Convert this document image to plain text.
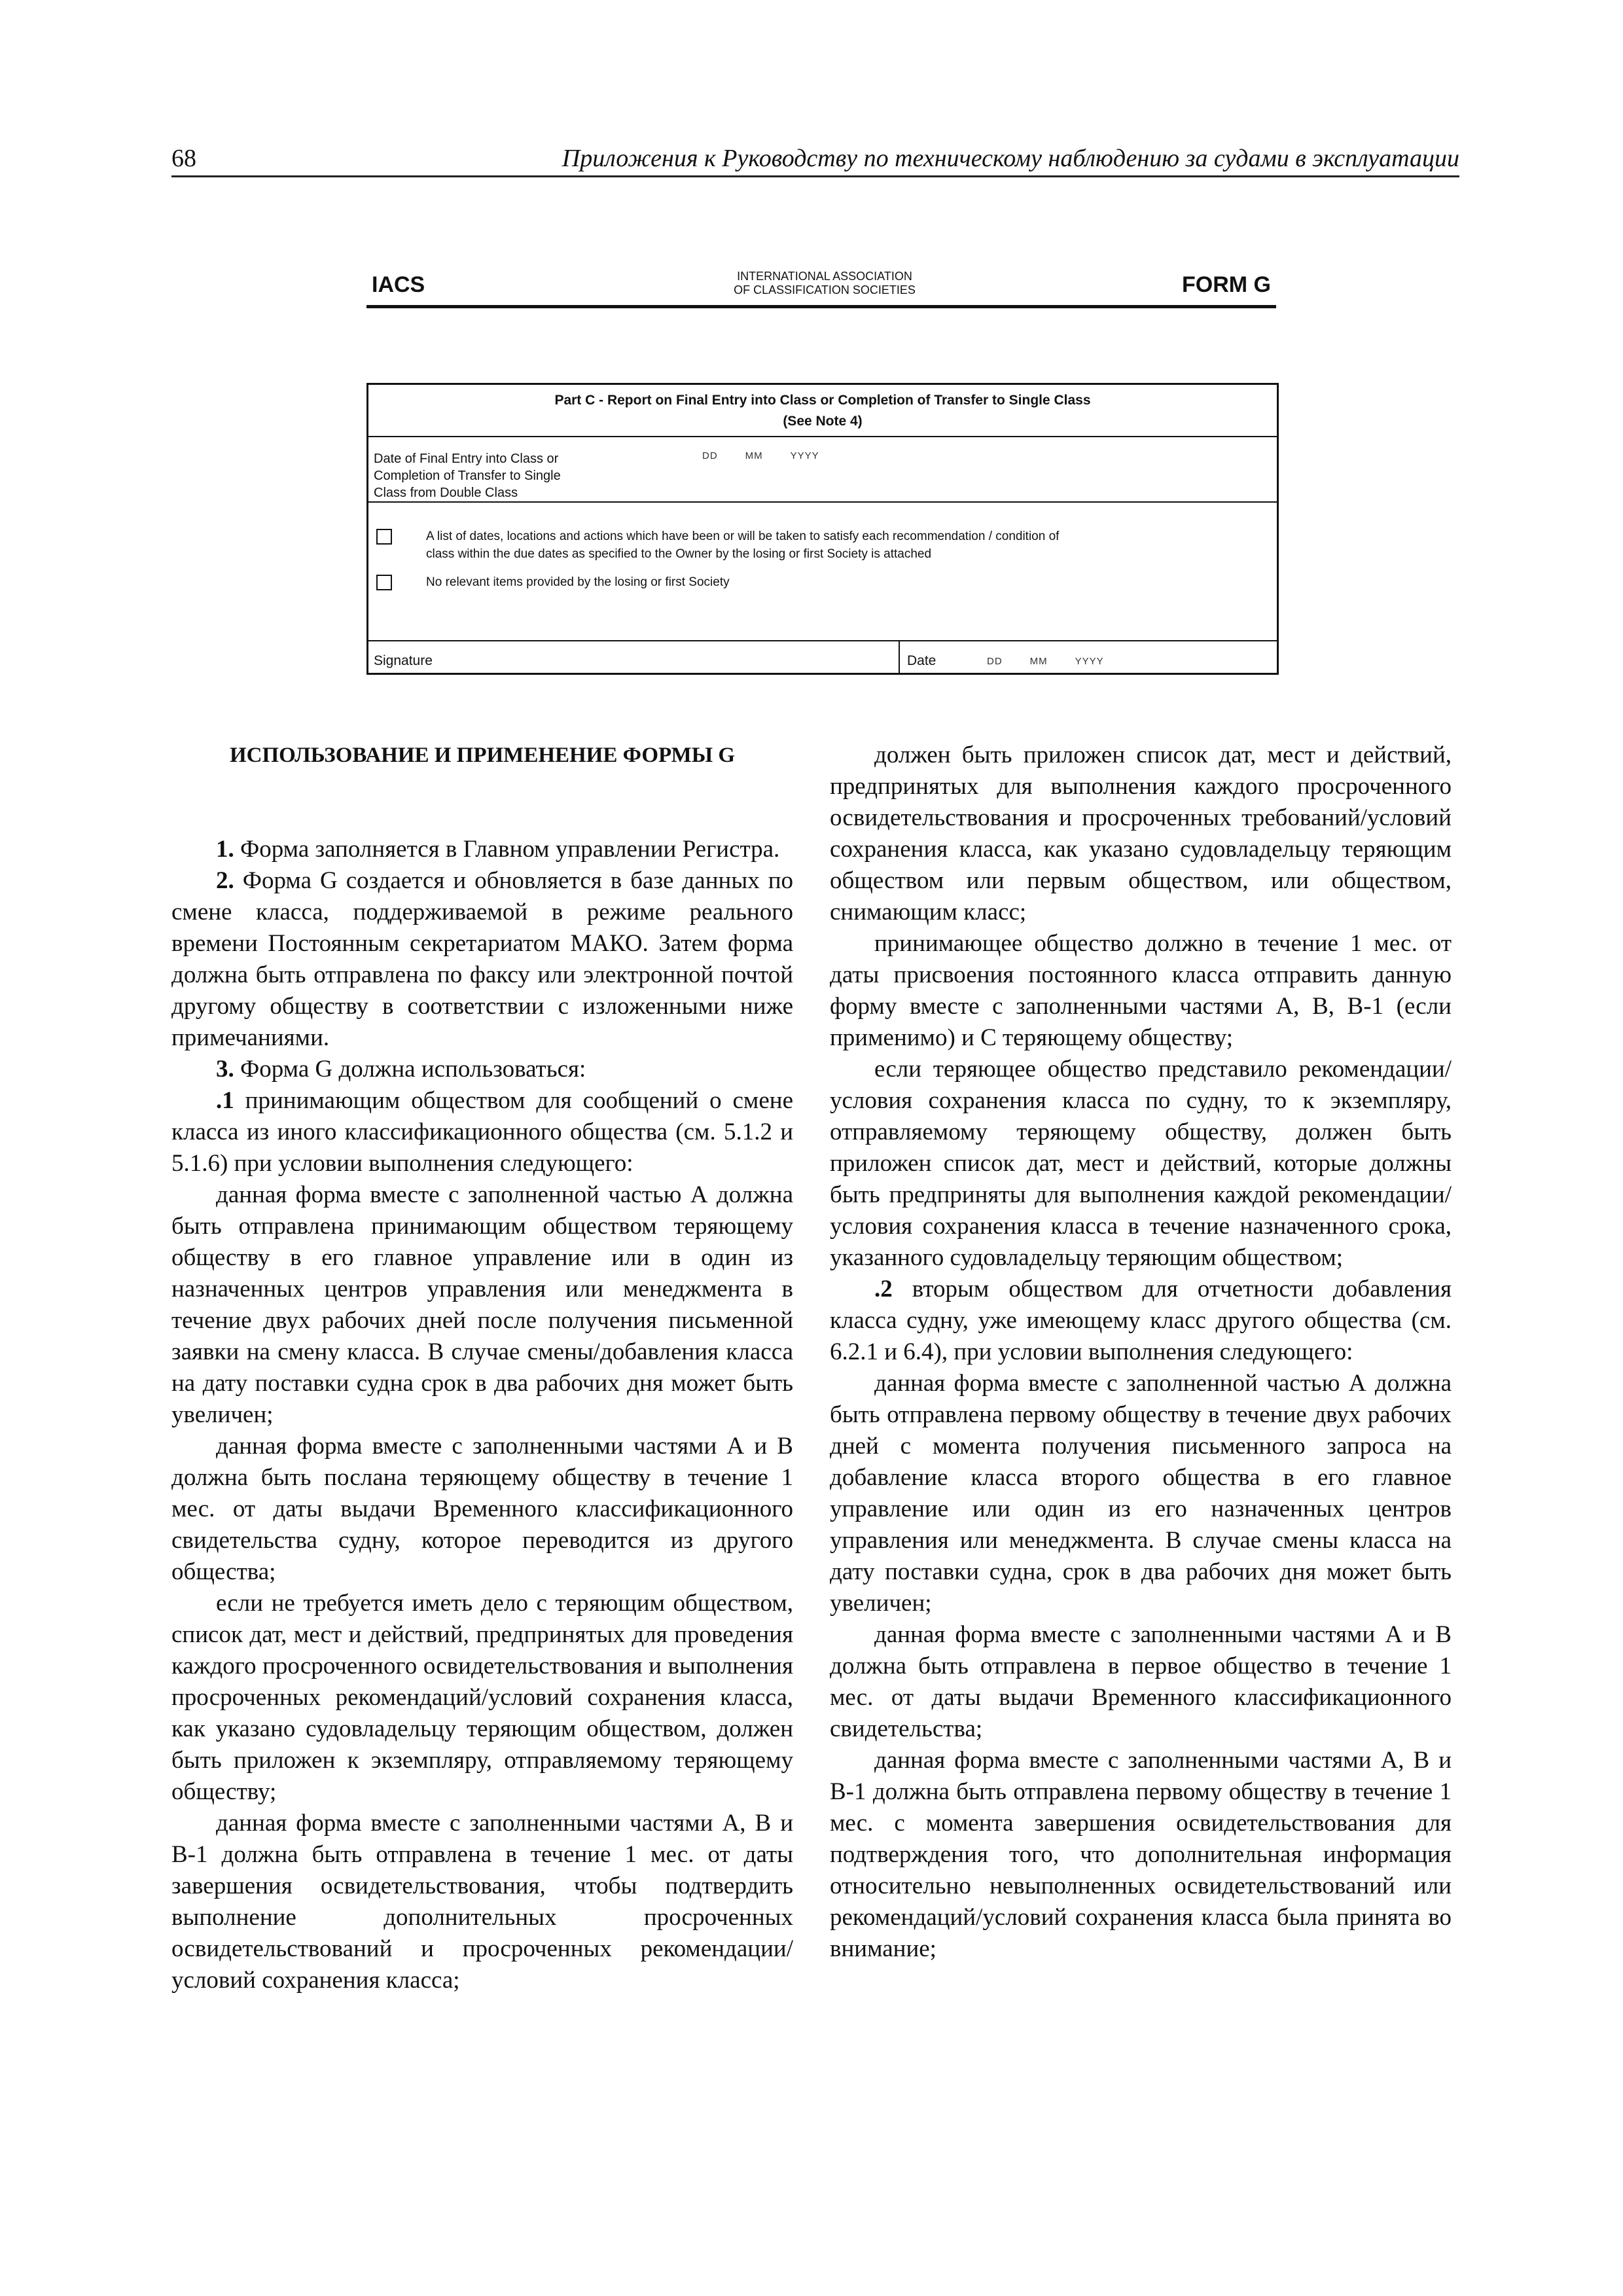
68	Приложения к Руководству по техническому наблюдению за судами в эксплуатации
IACS	INTERNATIONAL ASSOCIATION
OF CLASSIFICATION SOCIETIES	FORM G
Part C - Report on Final Entry into Class or Completion of Transfer to Single Class
(See Note 4)
Date of Final Entry into Class or
Completion of Transfer to Single
Class from Double Class
DD	MM	YYYY
A list of dates, locations and actions which have been or will be taken to satisfy each recommendation / condition of
class within the due dates as specified to the Owner by the losing or first Society is attached
No relevant items provided by the losing or first Society
Signature	Date	DD	MM	YYYY

ИСПОЛЬЗОВАНИЕ И ПРИМЕНЕНИЕ ФОРМЫ G

1. Форма заполняется в Главном управлении Регистра.

2. Форма G создается и обновляется в базе данных по смене класса, поддерживаемой в режиме реального времени Постоянным секретариатом МАКО. Затем форма должна быть отправлена по факсу или электронной почтой другому обществу в соответствии с изложенными ниже примечаниями.

3. Форма G должна использоваться:

.1 принимающим обществом для сообщений о смене класса из иного классификационного общества (см. 5.1.2 и 5.1.6) при условии выполнения следующего:

данная форма вместе с заполненной частью А должна быть отправлена принимающим обществом теряющему обществу в его главное управление или в один из назначенных центров управления или менеджмента в течение двух рабочих дней после получения письменной заявки на смену класса. В случае смены/добавления класса на дату поставки судна срок в два рабочих дня может быть увеличен;

данная форма вместе с заполненными частями А и В должна быть послана теряющему обществу в течение 1 мес. от даты выдачи Временного классификационного свидетельства судну, которое переводится из другого общества;

если не требуется иметь дело с теряющим обществом, список дат, мест и действий, предпринятых для проведения каждого просроченного освидетельствования и выполнения просроченных рекомендаций/условий сохранения класса, как указано судовладельцу теряющим обществом, должен быть приложен к экземпляру, отправляемому теряющему обществу;

данная форма вместе с заполненными частями А, В и В-1 должна быть отправлена в течение 1 мес. от даты завершения освидетельствования, чтобы подтвердить выполнение дополнительных просроченных освидетельствований и просроченных рекомендации/условий сохранения класса;

должен быть приложен список дат, мест и действий, предпринятых для выполнения каждого просроченного освидетельствования и просроченных требований/условий сохранения класса, как указано судовладельцу теряющим обществом или первым обществом, или обществом, снимающим класс;

принимающее общество должно в течение 1 мес. от даты присвоения постоянного класса отправить данную форму вместе с заполненными частями А, В, В-1 (если применимо) и С теряющему обществу;

если теряющее общество представило рекомендации/условия сохранения класса по судну, то к экземпляру, отправляемому теряющему обществу, должен быть приложен список дат, мест и действий, которые должны быть предприняты для выполнения каждой рекомендации/условия сохранения класса в течение назначенного срока, указанного судовладельцу теряющим обществом;

.2 вторым обществом для отчетности добавления класса судну, уже имеющему класс другого общества (см. 6.2.1 и 6.4), при условии выполнения следующего:

данная форма вместе с заполненной частью А должна быть отправлена первому обществу в течение двух рабочих дней с момента получения письменного запроса на добавление класса второго общества в его главное управление или один из его назначенных центров управления или менеджмента. В случае смены класса на дату поставки судна, срок в два рабочих дня может быть увеличен;

данная форма вместе с заполненными частями А и В должна быть отправлена в первое общество в течение 1 мес. от даты выдачи Временного классификационного свидетельства;

данная форма вместе с заполненными частями А, В и В-1 должна быть отправлена первому обществу в течение 1 мес. с момента завершения освидетельствования для подтверждения того, что дополнительная информация относительно невыполненных освидетельствований или рекомендаций/условий сохранения класса была принята во внимание;
